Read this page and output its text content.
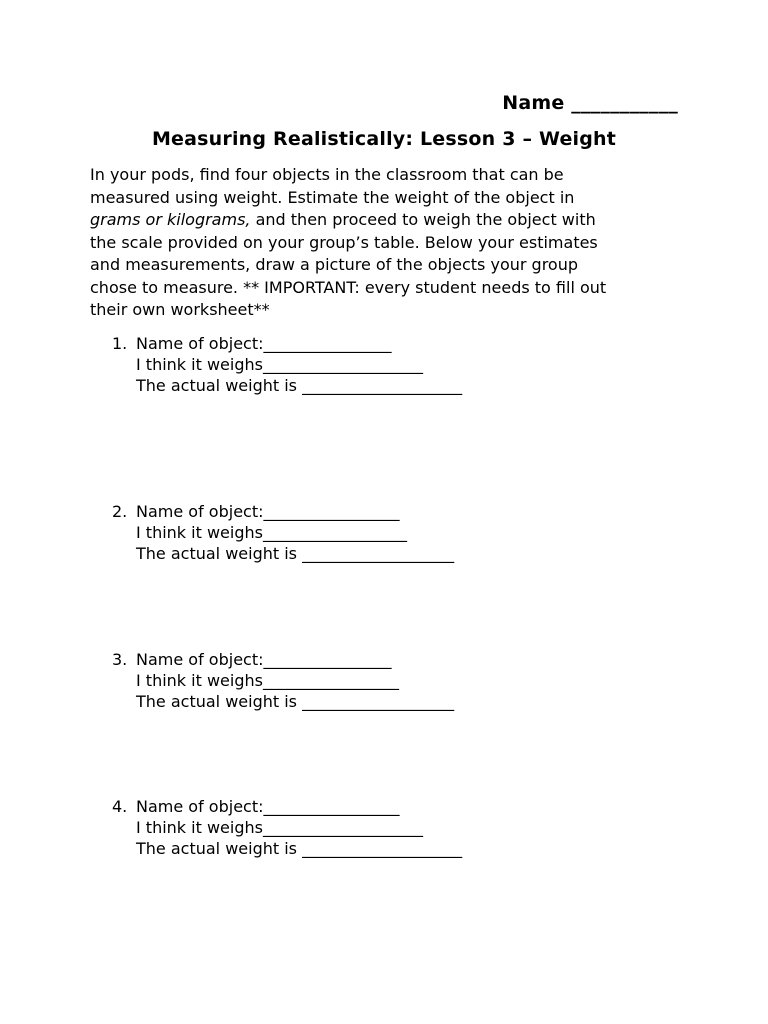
Name ___________
Measuring Realistically: Lesson 3 – Weight
In your pods, find four objects in the classroom that can be
measured using weight. Estimate the weight of the object in
grams or kilograms, and then proceed to weigh the object with
the scale provided on your group’s table. Below your estimates
and measurements, draw a picture of the objects your group
chose to measure. ** IMPORTANT: every student needs to fill out
their own worksheet**
1. Name of object:________________
I think it weighs____________________
The actual weight is ____________________
2. Name of object:_________________
I think it weighs__________________
The actual weight is ___________________
3. Name of object:________________
I think it weighs_________________
The actual weight is ___________________
4. Name of object:_________________
I think it weighs____________________
The actual weight is ____________________
